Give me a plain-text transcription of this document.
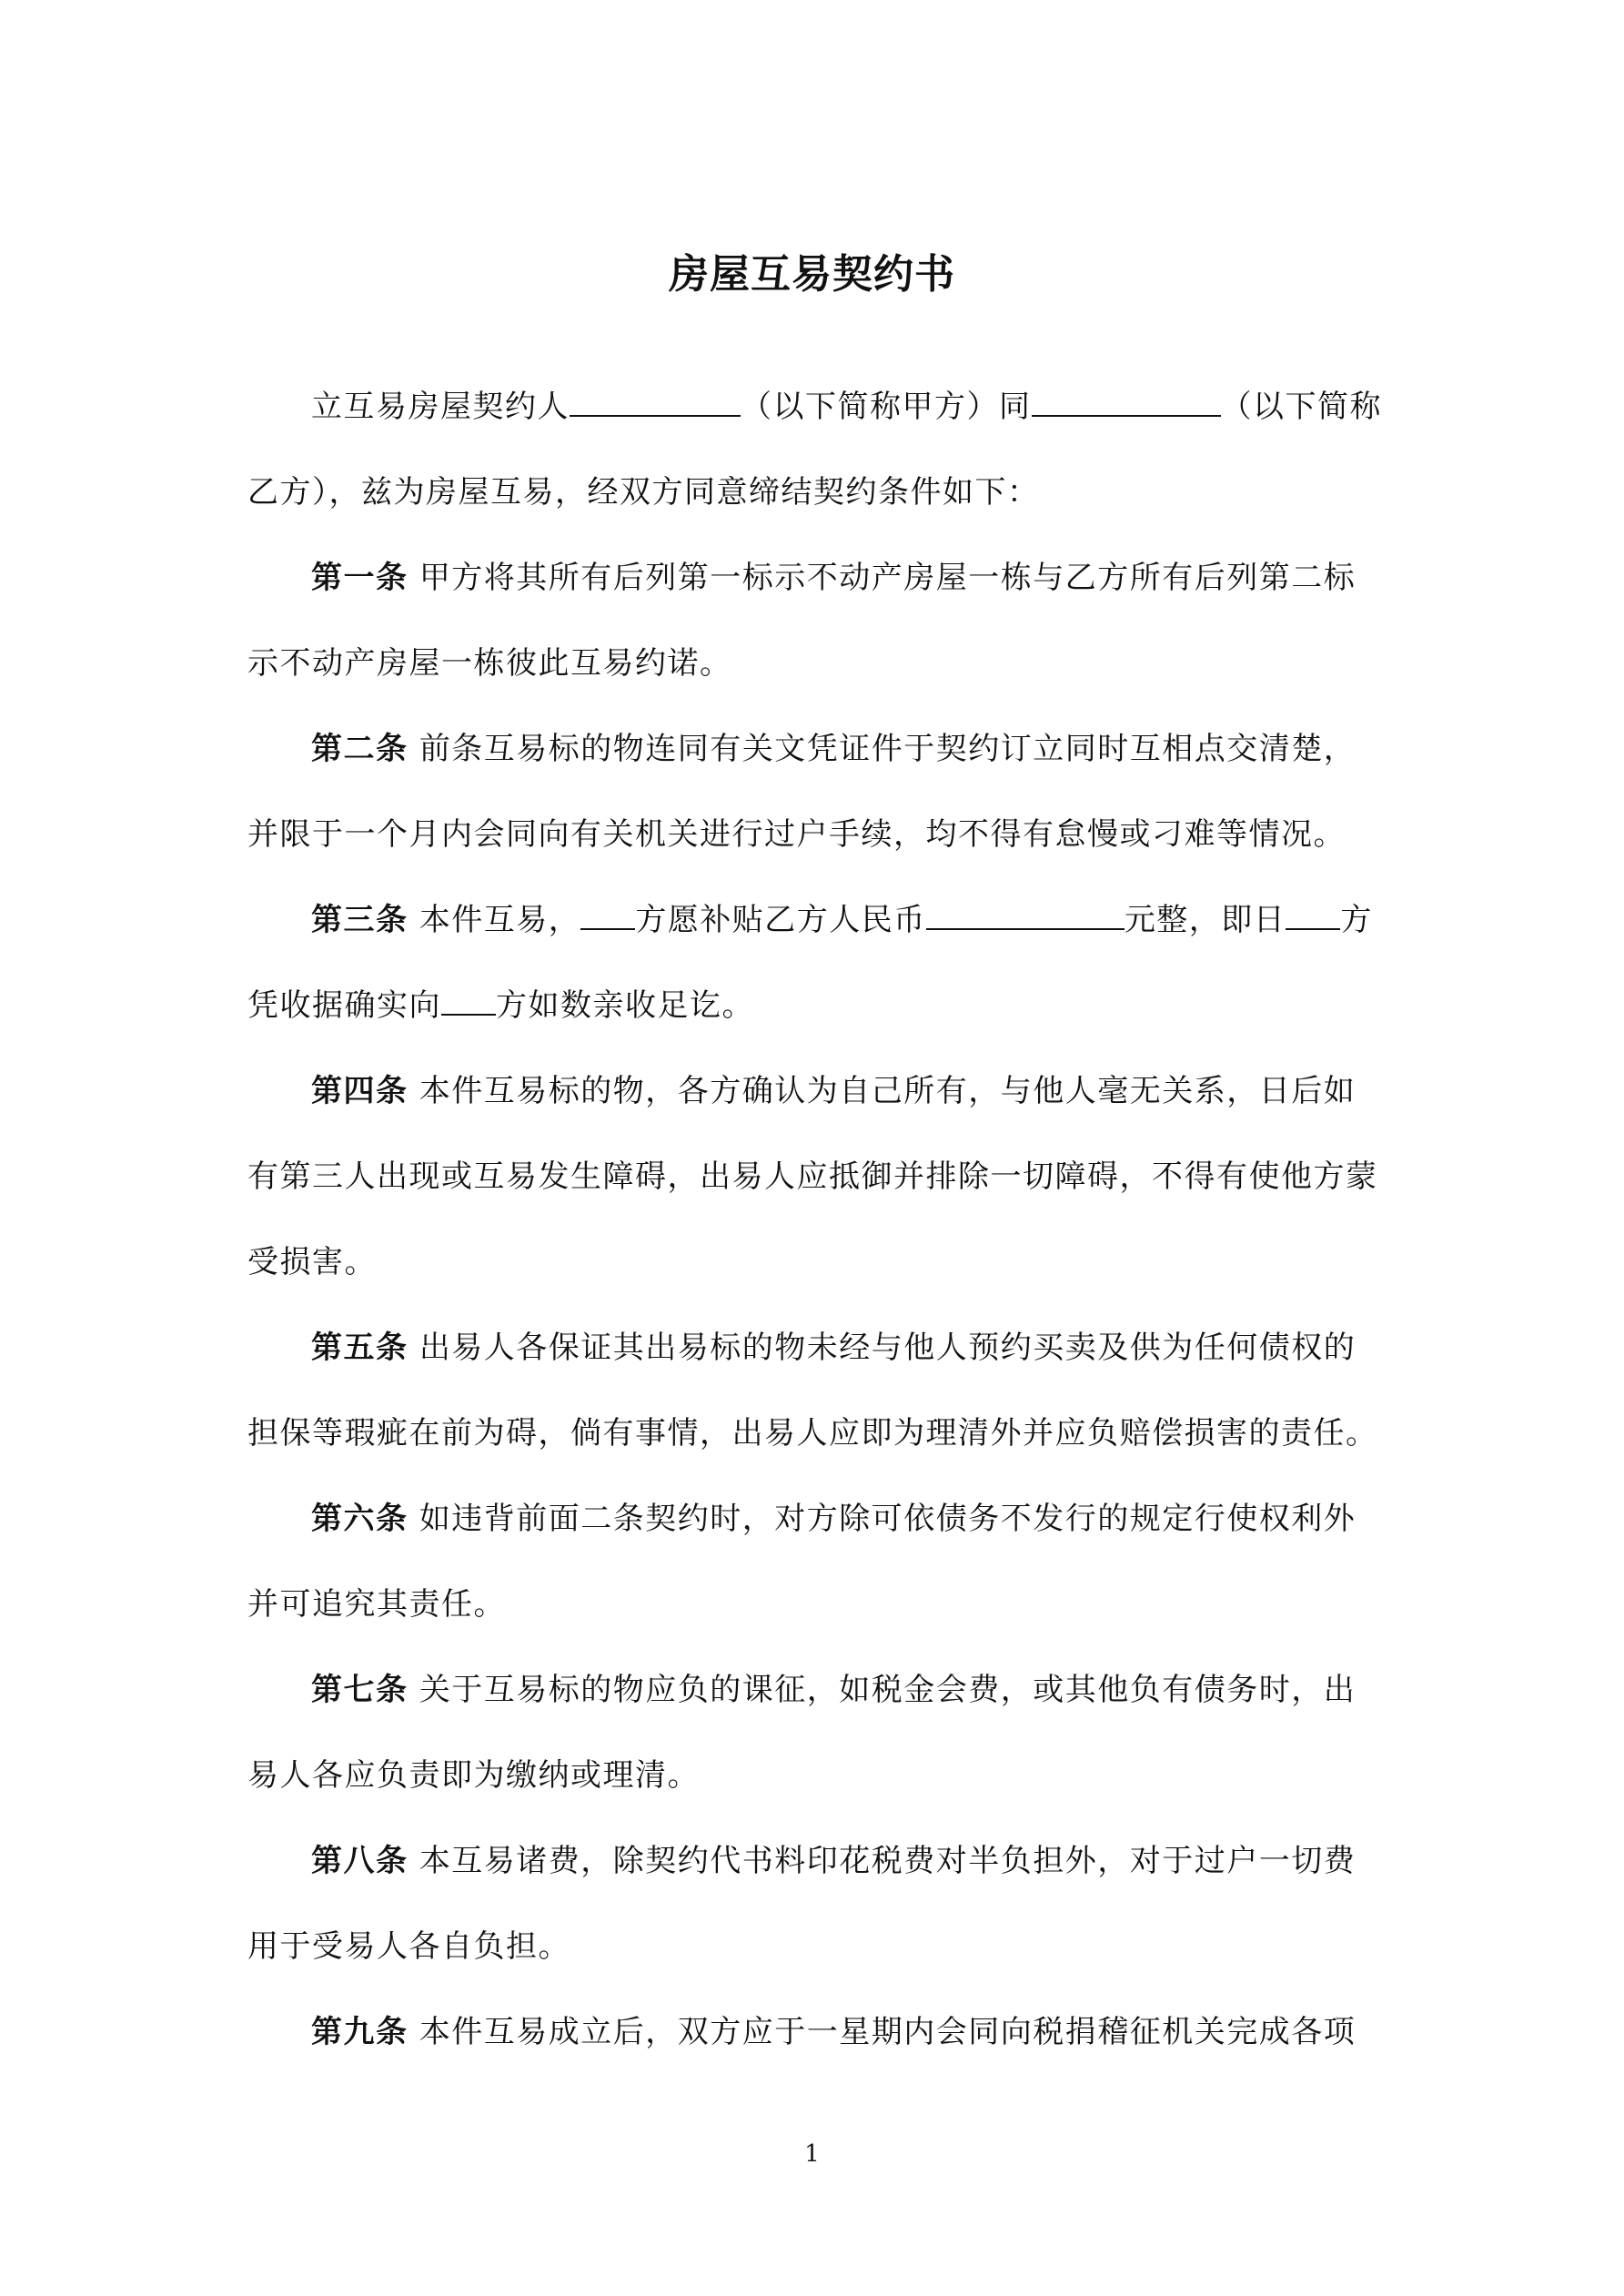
房屋互易契约书

立互易房屋契约人	（以下简称甲方）同	（以下简称乙方），兹为房屋互易，经双方同意缔结契约条件如下：

第一条 甲方将其所有后列第一标示不动产房屋一栋与乙方所有后列第二标示不动产房屋一栋彼此互易约诺。

第二条 前条互易标的物连同有关文凭证件于契约订立同时互相点交清楚，并限于一个月内会同向有关机关进行过户手续，均不得有怠慢或刁难等情况。

第三条 本件互易， 方愿补贴乙方人民币	元整，即日 方凭收据确实向 方如数亲收足讫。

第四条 本件互易标的物，各方确认为自己所有，与他人毫无关系，日后如有第三人出现或互易发生障碍，出易人应抵御并排除一切障碍，不得有使他方蒙受损害。

第五条 出易人各保证其出易标的物未经与他人预约买卖及供为任何债权的担保等瑕疵在前为碍，倘有事情，出易人应即为理清外并应负赔偿损害的责任。

第六条 如违背前面二条契约时，对方除可依债务不发行的规定行使权利外并可追究其责任。

第七条 关于互易标的物应负的课征，如税金会费，或其他负有债务时，出易人各应负责即为缴纳或理清。

第八条 本互易诸费，除契约代书料印花税费对半负担外，对于过户一切费用于受易人各自负担。

第九条 本件互易成立后，双方应于一星期内会同向税捐稽征机关完成各项

1
